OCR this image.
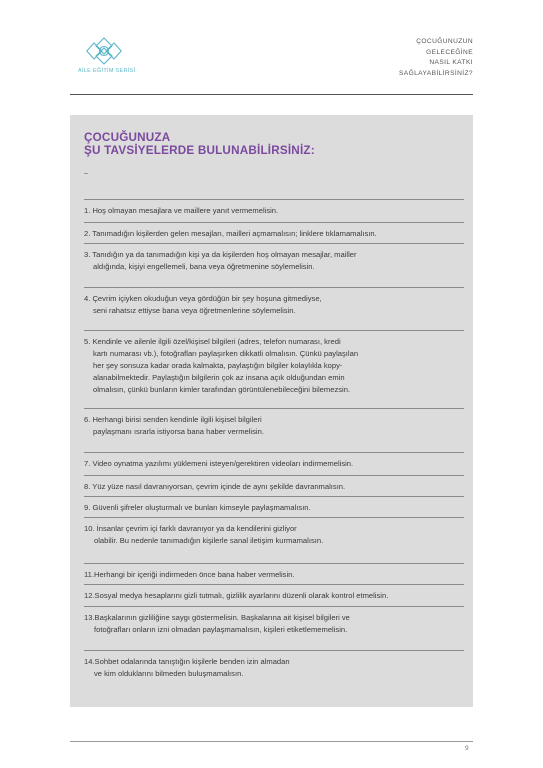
AİLE EĞİTİM SERİSİ
ÇOCUĞUNUZUN
GELECEĞİNE
NASIL KATKI
SAĞLAYABİLİRSİNİZ?
ÇOCUĞUNUZA
ŞU TAVSİYELERDE BULUNABİLİRSİNİZ:
–
1. Hoş olmayan mesajlara ve maillere yanıt vermemelisin.
2. Tanımadığın kişilerden gelen mesajları, mailleri açmamalısın; linklere tıklamamalısın.
3. Tanıdığın ya da tanımadığın kişi ya da kişilerden hoş olmayan mesajlar, mailler
aldığında, kişiyi engellemeli, bana veya öğretmenine söylemelisin.
4. Çevrim içiyken okuduğun veya gördüğün bir şey hoşuna gitmediyse,
seni rahatsız ettiyse bana veya öğretmenlerine söylemelisin.
5. Kendinle ve ailenle ilgili özel/kişisel bilgileri (adres, telefon numarası, kredi
kartı numarası vb.), fotoğrafları paylaşırken dikkatli olmalısın. Çünkü paylaşılan
her şey sonsuza kadar orada kalmakta, paylaştığın bilgiler kolaylıkla kopy-
alanabilmektedir. Paylaştığın bilgilerin çok az insana açık olduğundan emin
olmalısın, çünkü bunların kimler tarafından görüntülenebileceğini bilemezsin.
6. Herhangi birisi senden kendinle ilgili kişisel bilgileri
paylaşmanı ısrarla istiyorsa bana haber vermelisin.
7. Video oynatma yazılımı yüklemeni isteyen/gerektiren videoları indirmemelisin.
8. Yüz yüze nasıl davranıyorsan, çevrim içinde de aynı şekilde davranmalısın.
9. Güvenli şifreler oluşturmalı ve bunları kimseyle paylaşmamalısın.
10. İnsanlar çevrim içi farklı davranıyor ya da kendilerini gizliyor
olabilir. Bu nedenle tanımadığın kişilerle sanal iletişim kurmamalısın.
11.Herhangi bir içeriği indirmeden önce bana haber vermelisin.
12.Sosyal medya hesaplarını gizli tutmalı, gizlilik ayarlarını düzenli olarak kontrol etmelisin.
13.Başkalarının gizliliğine saygı göstermelisin. Başkalarına ait kişisel bilgileri ve
fotoğrafları onların izni olmadan paylaşmamalısın, kişileri etiketlememelisin.
14.Sohbet odalarında tanıştığın kişilerle benden izin almadan
ve kim olduklarını bilmeden buluşmamalısın.
9
